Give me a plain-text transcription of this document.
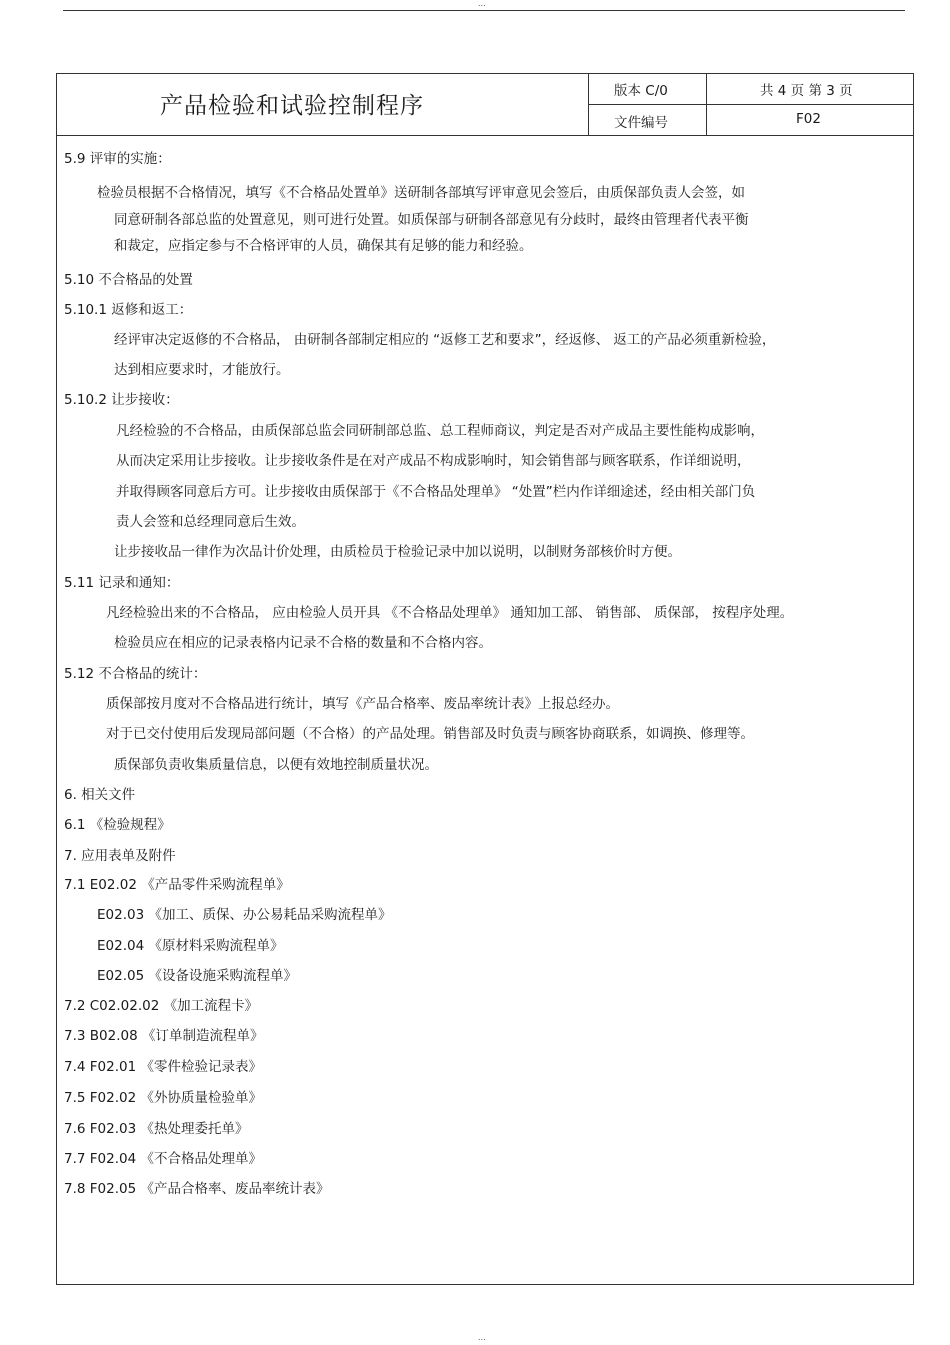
...
产品检验和试验控制程序
版本 C/0	共 4 页 第 3 页
文件编号	F02
5.9 评审的实施：
检验员根据不合格情况，填写《不合格品处置单》送研制各部填写评审意见会签后，由质保部负责人会签，如
同意研制各部总监的处置意见，则可进行处置。如质保部与研制各部意见有分歧时，最终由管理者代表平衡
和裁定，应指定参与不合格评审的人员，确保其有足够的能力和经验。
5.10 不合格品的处置
5.10.1 返修和返工：
经评审决定返修的不合格品， 由研制各部制定相应的 “返修工艺和要求”，经返修、 返工的产品必须重新检验，
达到相应要求时，才能放行。
5.10.2 让步接收：
凡经检验的不合格品，由质保部总监会同研制部总监、总工程师商议，判定是否对产成品主要性能构成影响，
从而决定采用让步接收。让步接收条件是在对产成品不构成影响时，知会销售部与顾客联系，作详细说明，
并取得顾客同意后方可。让步接收由质保部于《不合格品处理单》 “处置”栏内作详细途述，经由相关部门负
责人会签和总经理同意后生效。
让步接收品一律作为次品计价处理，由质检员于检验记录中加以说明，以制财务部核价时方便。
5.11 记录和通知：
凡经检验出来的不合格品， 应由检验人员开具 《不合格品处理单》 通知加工部、 销售部、 质保部， 按程序处理。
检验员应在相应的记录表格内记录不合格的数量和不合格内容。
5.12 不合格品的统计：
质保部按月度对不合格品进行统计，填写《产品合格率、废品率统计表》上报总经办。
对于已交付使用后发现局部问题（不合格）的产品处理。销售部及时负责与顾客协商联系，如调换、修理等。
质保部负责收集质量信息，以便有效地控制质量状况。
6. 相关文件
6.1 《检验规程》
7. 应用表单及附件
7.1 E02.02 《产品零件采购流程单》
E02.03 《加工、质保、办公易耗品采购流程单》
E02.04 《原材料采购流程单》
E02.05 《设备设施采购流程单》
7.2 C02.02.02 《加工流程卡》
7.3 B02.08 《订单制造流程单》
7.4 F02.01 《零件检验记录表》
7.5 F02.02 《外协质量检验单》
7.6 F02.03 《热处理委托单》
7.7 F02.04 《不合格品处理单》
7.8 F02.05 《产品合格率、废品率统计表》
...
